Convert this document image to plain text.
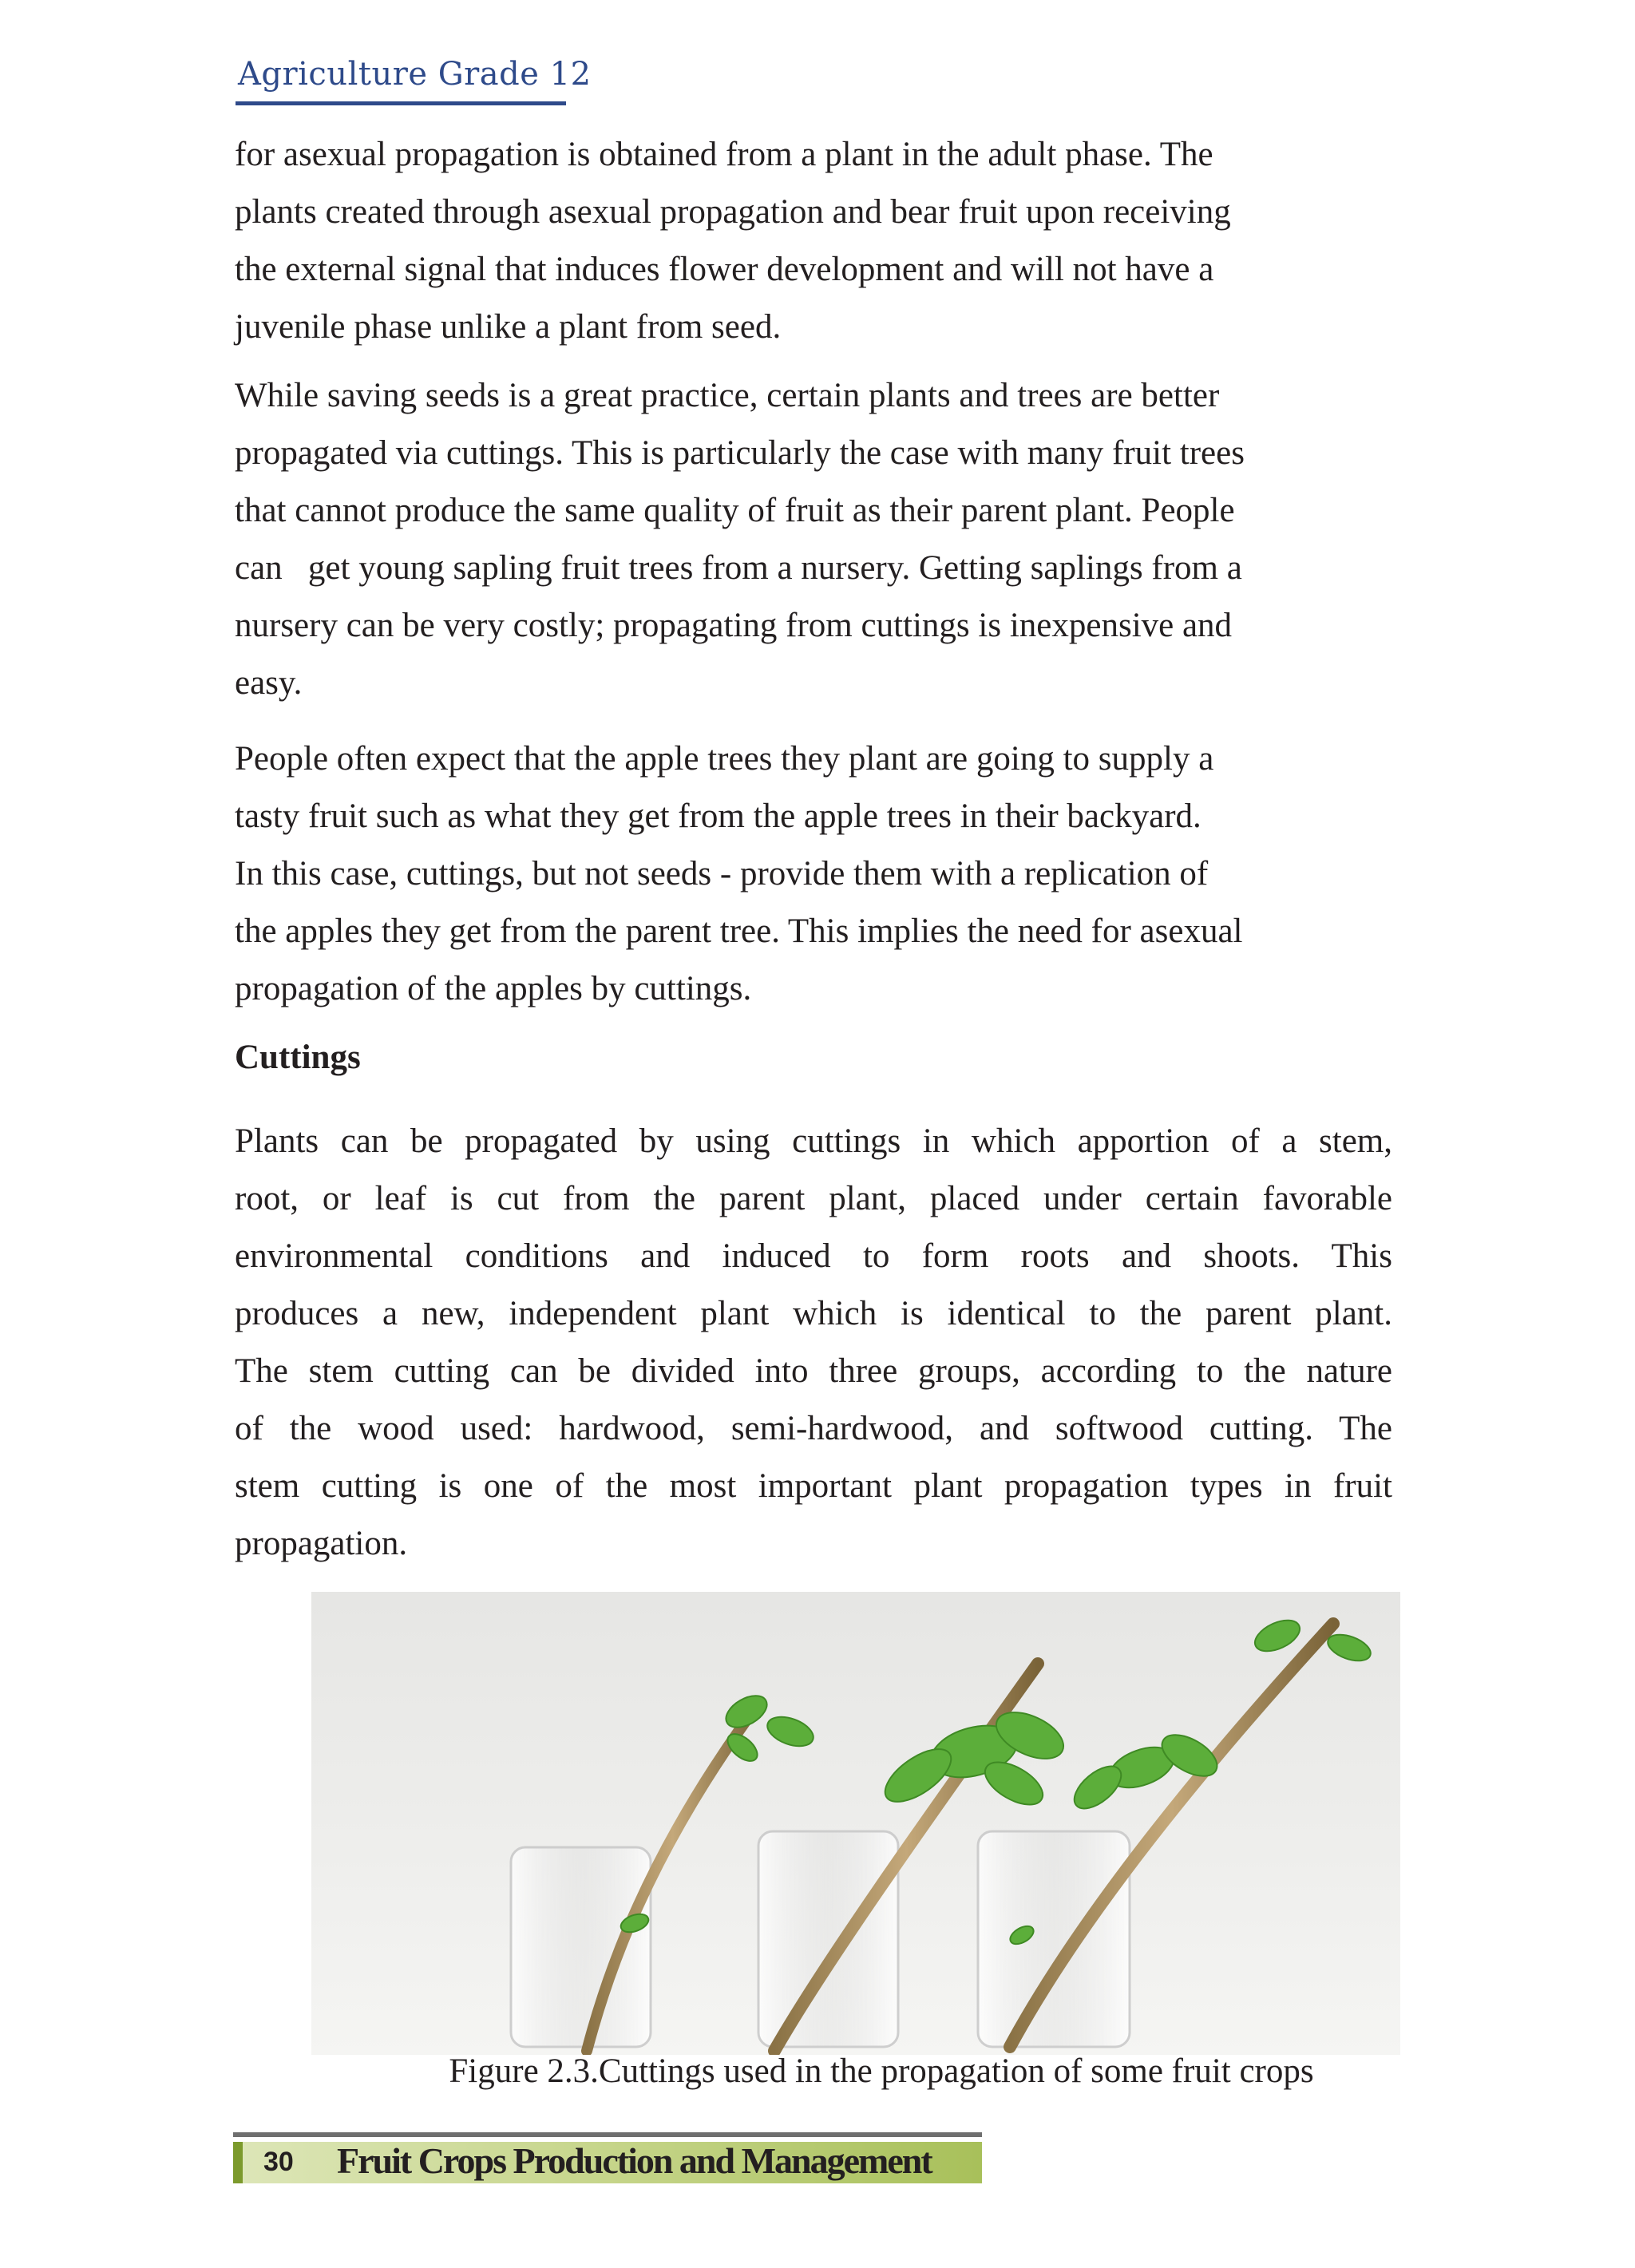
Agriculture Grade 12
for asexual propagation is obtained from a plant in the adult phase. The
plants created through asexual propagation and bear fruit upon receiving
the external signal that induces flower development and will not have a
juvenile phase unlike a plant from seed.
While saving seeds is a great practice, certain plants and trees are better
propagated via cuttings. This is particularly the case with many fruit trees
that cannot produce the same quality of fruit as their parent plant. People
can   get young sapling fruit trees from a nursery. Getting saplings from a
nursery can be very costly; propagating from cuttings is inexpensive and
easy.
People often expect that the apple trees they plant are going to supply a
tasty fruit such as what they get from the apple trees in their backyard.
In this case, cuttings, but not seeds - provide them with a replication of
the apples they get from the parent tree. This implies the need for asexual
propagation of the apples by cuttings.
Cuttings
Plants can be propagated by using cuttings in which apportion of a stem,
root, or leaf is cut from the parent plant, placed under certain favorable
environmental conditions and induced to form roots and shoots. This
produces a new, independent plant which is identical to the parent plant.
The stem cutting can be divided into three groups, according to the nature
of the wood used: hardwood, semi-hardwood, and softwood cutting. The
stem cutting is one of the most important plant propagation types in fruit
propagation.
Figure 2.3.Cuttings used in the propagation of some fruit crops
30 Fruit Crops Production and Management
